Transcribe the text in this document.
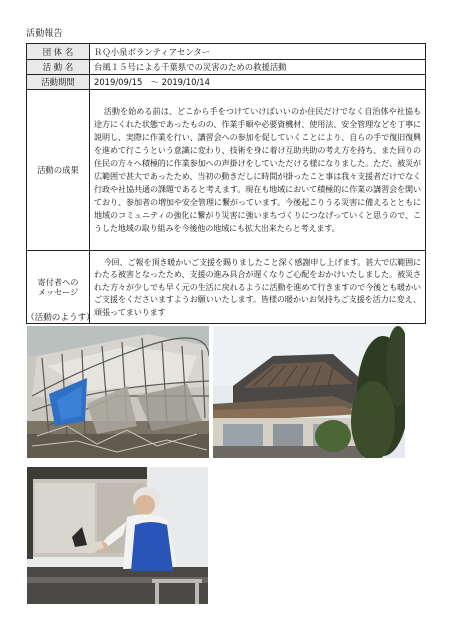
活動報告
団 体 名	ＲＱ小泉ボランティアセンター
活 動 名	台風１５号による千葉県での災害のための救援活動
活動期間	2019/09/15　～ 2019/10/14
活動の成果	活動を始める前は、どこから手をつけていけばいいのか住民だけでなく自治体や社協も途方にくれた状態であったものの、作業手順や必要資機材、使用法、安全管理などを丁寧に説明し、実際に作業を行い、講習会への参加を促していくことにより、自らの手で復旧復興を進めて行こうという意識に変わり、技術を身に着け互助共助の考え方を持ち、また回りの住民の方々へ積極的に作業参加への声掛けをしていただける様になりました。ただ、被災が広範囲で甚大であったため、当初の動きだしに時間が掛ったこと事は我々支援者だけでなく行政や社協共通の課題であると考えます。現在も地域において積極的に作業の講習会を開いており、参加者の増加や安全管理に繋がっています。今後起こりうる災害に備えるとともに地域のコミュニティの強化に繋がり災害に強いまちづくりにつなげっていくと思うので、こうした地域の取り組みを今後他の地域にも拡大出来たらと考えます。

寄付者への
メッセージ	今回、ご報を頂き暖かいご支援を賜りましたこと深く感謝申し上げます。甚大で広範囲にわたる被害となったため、支援の進み具合が遅くなりご心配をおかけいたしました。被災された方々が少しでも早く元の生活に戻れるように活動を進めて行きますので今後とも暖かいご支援をくださいますようお願いいたします。皆様の暖かいお気持ちご支援を活力に変え、頑張ってまいります
（活動のようす）
